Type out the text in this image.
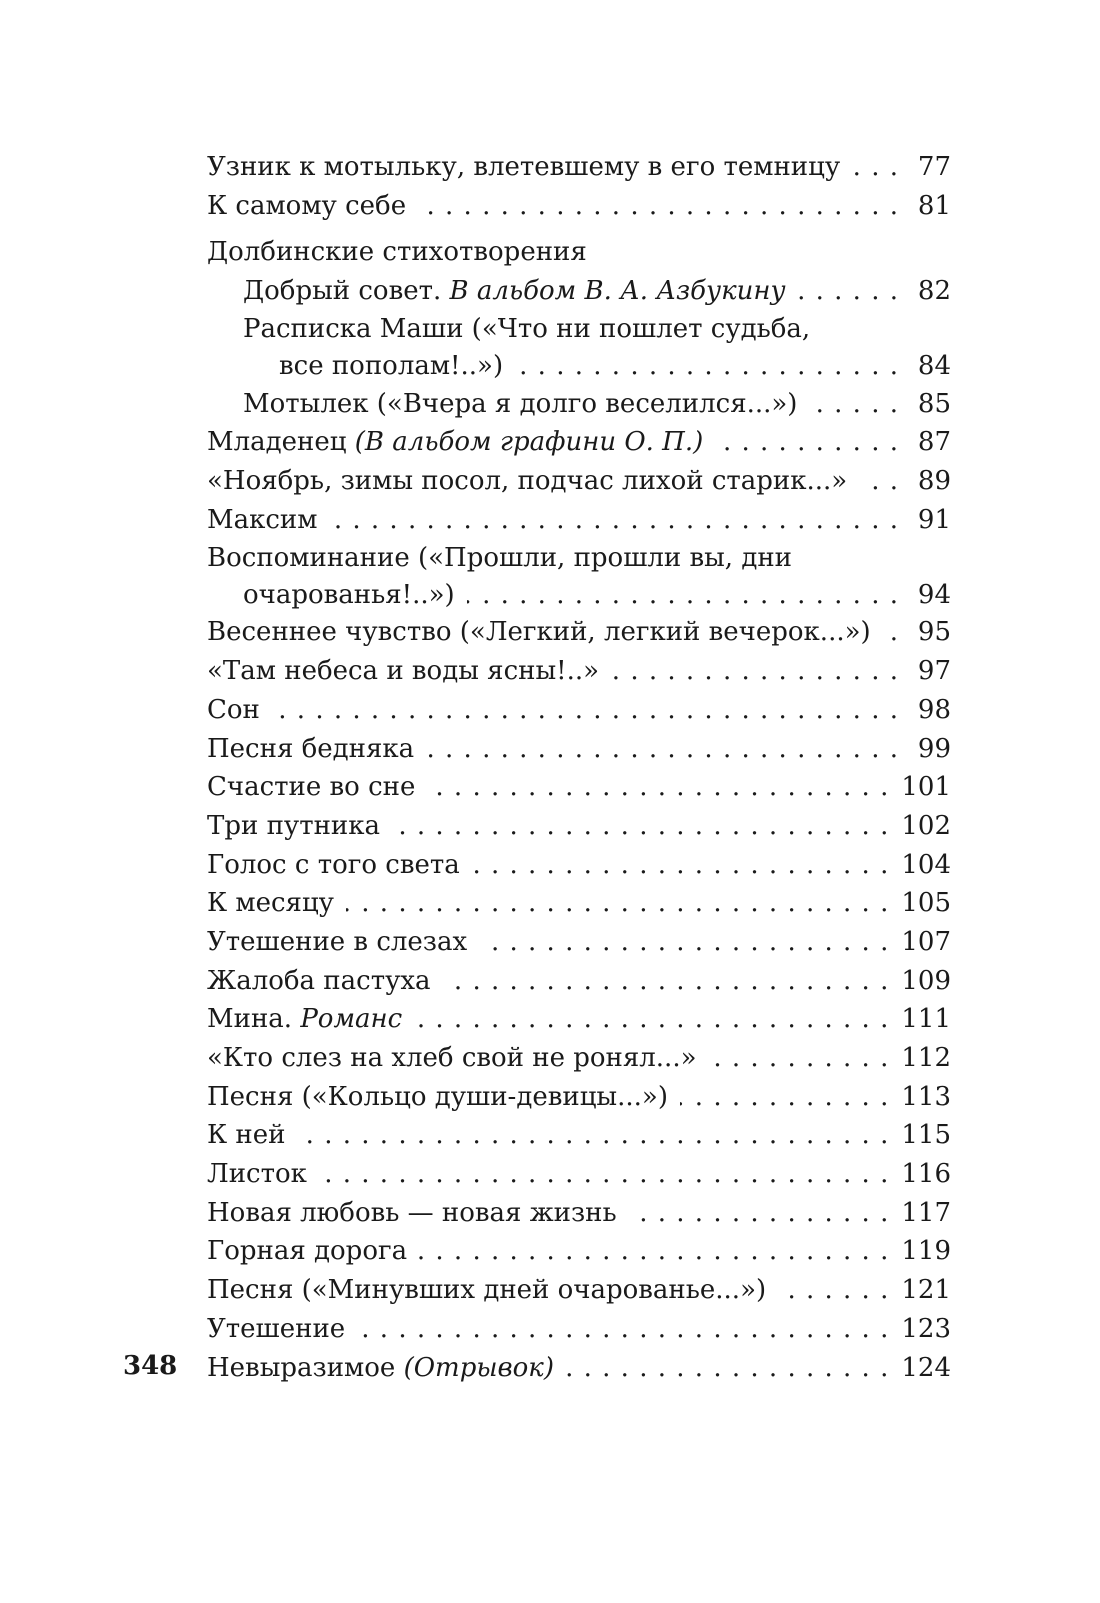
348
Узник к мотыльку, влетевшему в его темницу . . .	77
К самому себе . . .	81
Долбинские стихотворения
Добрый совет. В альбом В. А. Азбукину . . .	82
Расписка Маши («Что ни пошлет судьба,
все пополам!..») . . .	84
Мотылек («Вчера я долго веселился...») . . .	85
Младенец (В альбом графини О. П.) . . .	87
«Ноябрь, зимы посол, подчас лихой старик...» . . .	89
Максим . . .	91
Воспоминание («Прошли, прошли вы, дни
очарованья!..») . . .	94
Весеннее чувство («Легкий, легкий вечерок...») . . . 95
«Там небеса и воды ясны!..» . . .	97
Сон . . .	98
Песня бедняка . . .	99
Счастие во сне . . .	101
Три путника . . .	102
Голос с того света . . .	104
К месяцу . . .	105
Утешение в слезах . . .	107
Жалоба пастуха . . .	109
Мина. Романс . . .	111
«Кто слез на хлеб свой не ронял...» . . .	112
Песня («Кольцо души-девицы...») . . .	113
К ней . . .	115
Листок . . .	116
Новая любовь — новая жизнь . . .	117
Горная дорога . . .	119
Песня («Минувших дней очарованье...») . . .	121
Утешение . . .	123
Невыразимое (Отрывок) . . .	124
